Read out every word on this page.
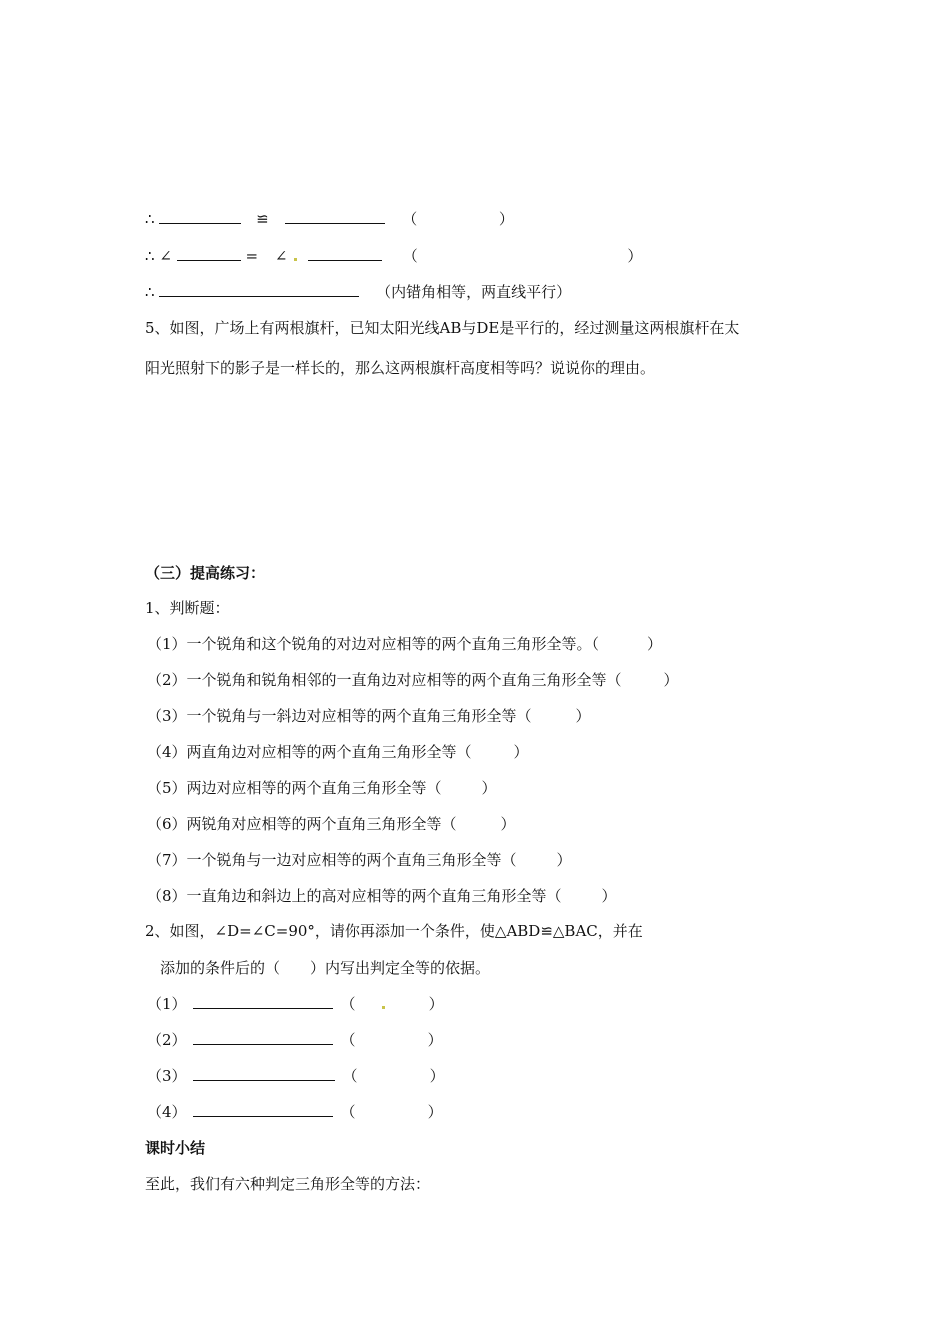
∴	≌	（	）
∴ ∠	= ∠	（	）
∴	（内错角相等，两直线平行）
5、如图，广场上有两根旗杆，已知太阳光线AB与DE是平行的，经过测量这两根旗杆在太
阳光照射下的影子是一样长的，那么这两根旗杆高度相等吗？说说你的理由。
（三）提高练习：
1、判断题：
（1）一个锐角和这个锐角的对边对应相等的两个直角三角形全等。（	）
（2）一个锐角和锐角相邻的一直角边对应相等的两个直角三角形全等（	）
（3）一个锐角与一斜边对应相等的两个直角三角形全等（	）
（4）两直角边对应相等的两个直角三角形全等（	）
（5）两边对应相等的两个直角三角形全等（	）
（6）两锐角对应相等的两个直角三角形全等（	）
（7）一个锐角与一边对应相等的两个直角三角形全等（	）
（8）一直角边和斜边上的高对应相等的两个直角三角形全等（	）
2、如图，∠D=∠C=90°，请你再添加一个条件，使△ABD≌△BAC，并在
添加的条件后的（　　）内写出判定全等的依据。
（1）	（	）
（2）	（	）
（3）	（	）
（4）	（	）
课时小结
至此，我们有六种判定三角形全等的方法：
